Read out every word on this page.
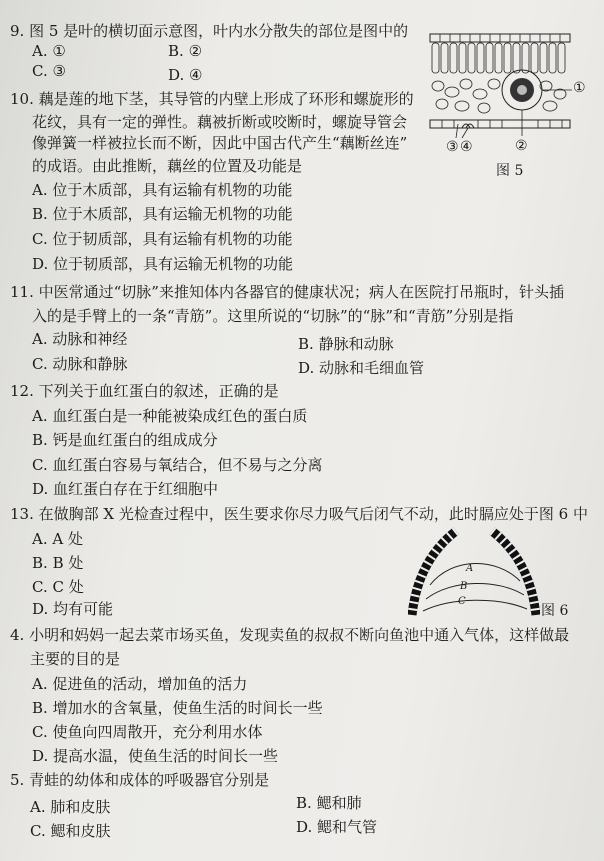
9. 图 5 是叶的横切面示意图，叶内水分散失的部位是图中的
A. ①	B. ②
C. ③	D. ④
10. 藕是莲的地下茎，其导管的内壁上形成了环形和螺旋形的
花纹，具有一定的弹性。藕被折断或咬断时，螺旋导管会
像弹簧一样被拉长而不断，因此中国古代产生“藕断丝连”
的成语。由此推断，藕丝的位置及功能是
A. 位于木质部，具有运输有机物的功能
B. 位于木质部，具有运输无机物的功能
C. 位于韧质部，具有运输有机物的功能
D. 位于韧质部，具有运输无机物的功能
11. 中医常通过“切脉”来推知体内各器官的健康状况；病人在医院打吊瓶时，针头插
入的是手臂上的一条“青筋”。这里所说的“切脉”的“脉”和“青筋”分别是指
A. 动脉和神经	B. 静脉和动脉
C. 动脉和静脉	D. 动脉和毛细血管
12. 下列关于血红蛋白的叙述，正确的是
A. 血红蛋白是一种能被染成红色的蛋白质
B. 钙是血红蛋白的组成成分
C. 血红蛋白容易与氧结合，但不易与之分离
D. 血红蛋白存在于红细胞中
13. 在做胸部 X 光检查过程中，医生要求你尽力吸气后闭气不动，此时膈应处于图 6 中
A. A 处
B. B 处
C. C 处
D. 均有可能
4. 小明和妈妈一起去菜市场买鱼，发现卖鱼的叔叔不断向鱼池中通入气体，这样做最
主要的目的是
A. 促进鱼的活动，增加鱼的活力
B. 增加水的含氧量，使鱼生活的时间长一些
C. 使鱼向四周散开，充分利用水体
D. 提高水温，使鱼生活的时间长一些
5. 青蛙的幼体和成体的呼吸器官分别是
A. 肺和皮肤	B. 鳃和肺
C. 鳃和皮肤	D. 鳃和气管
①
②
③ ④
图 5
A
B
C
图 6
